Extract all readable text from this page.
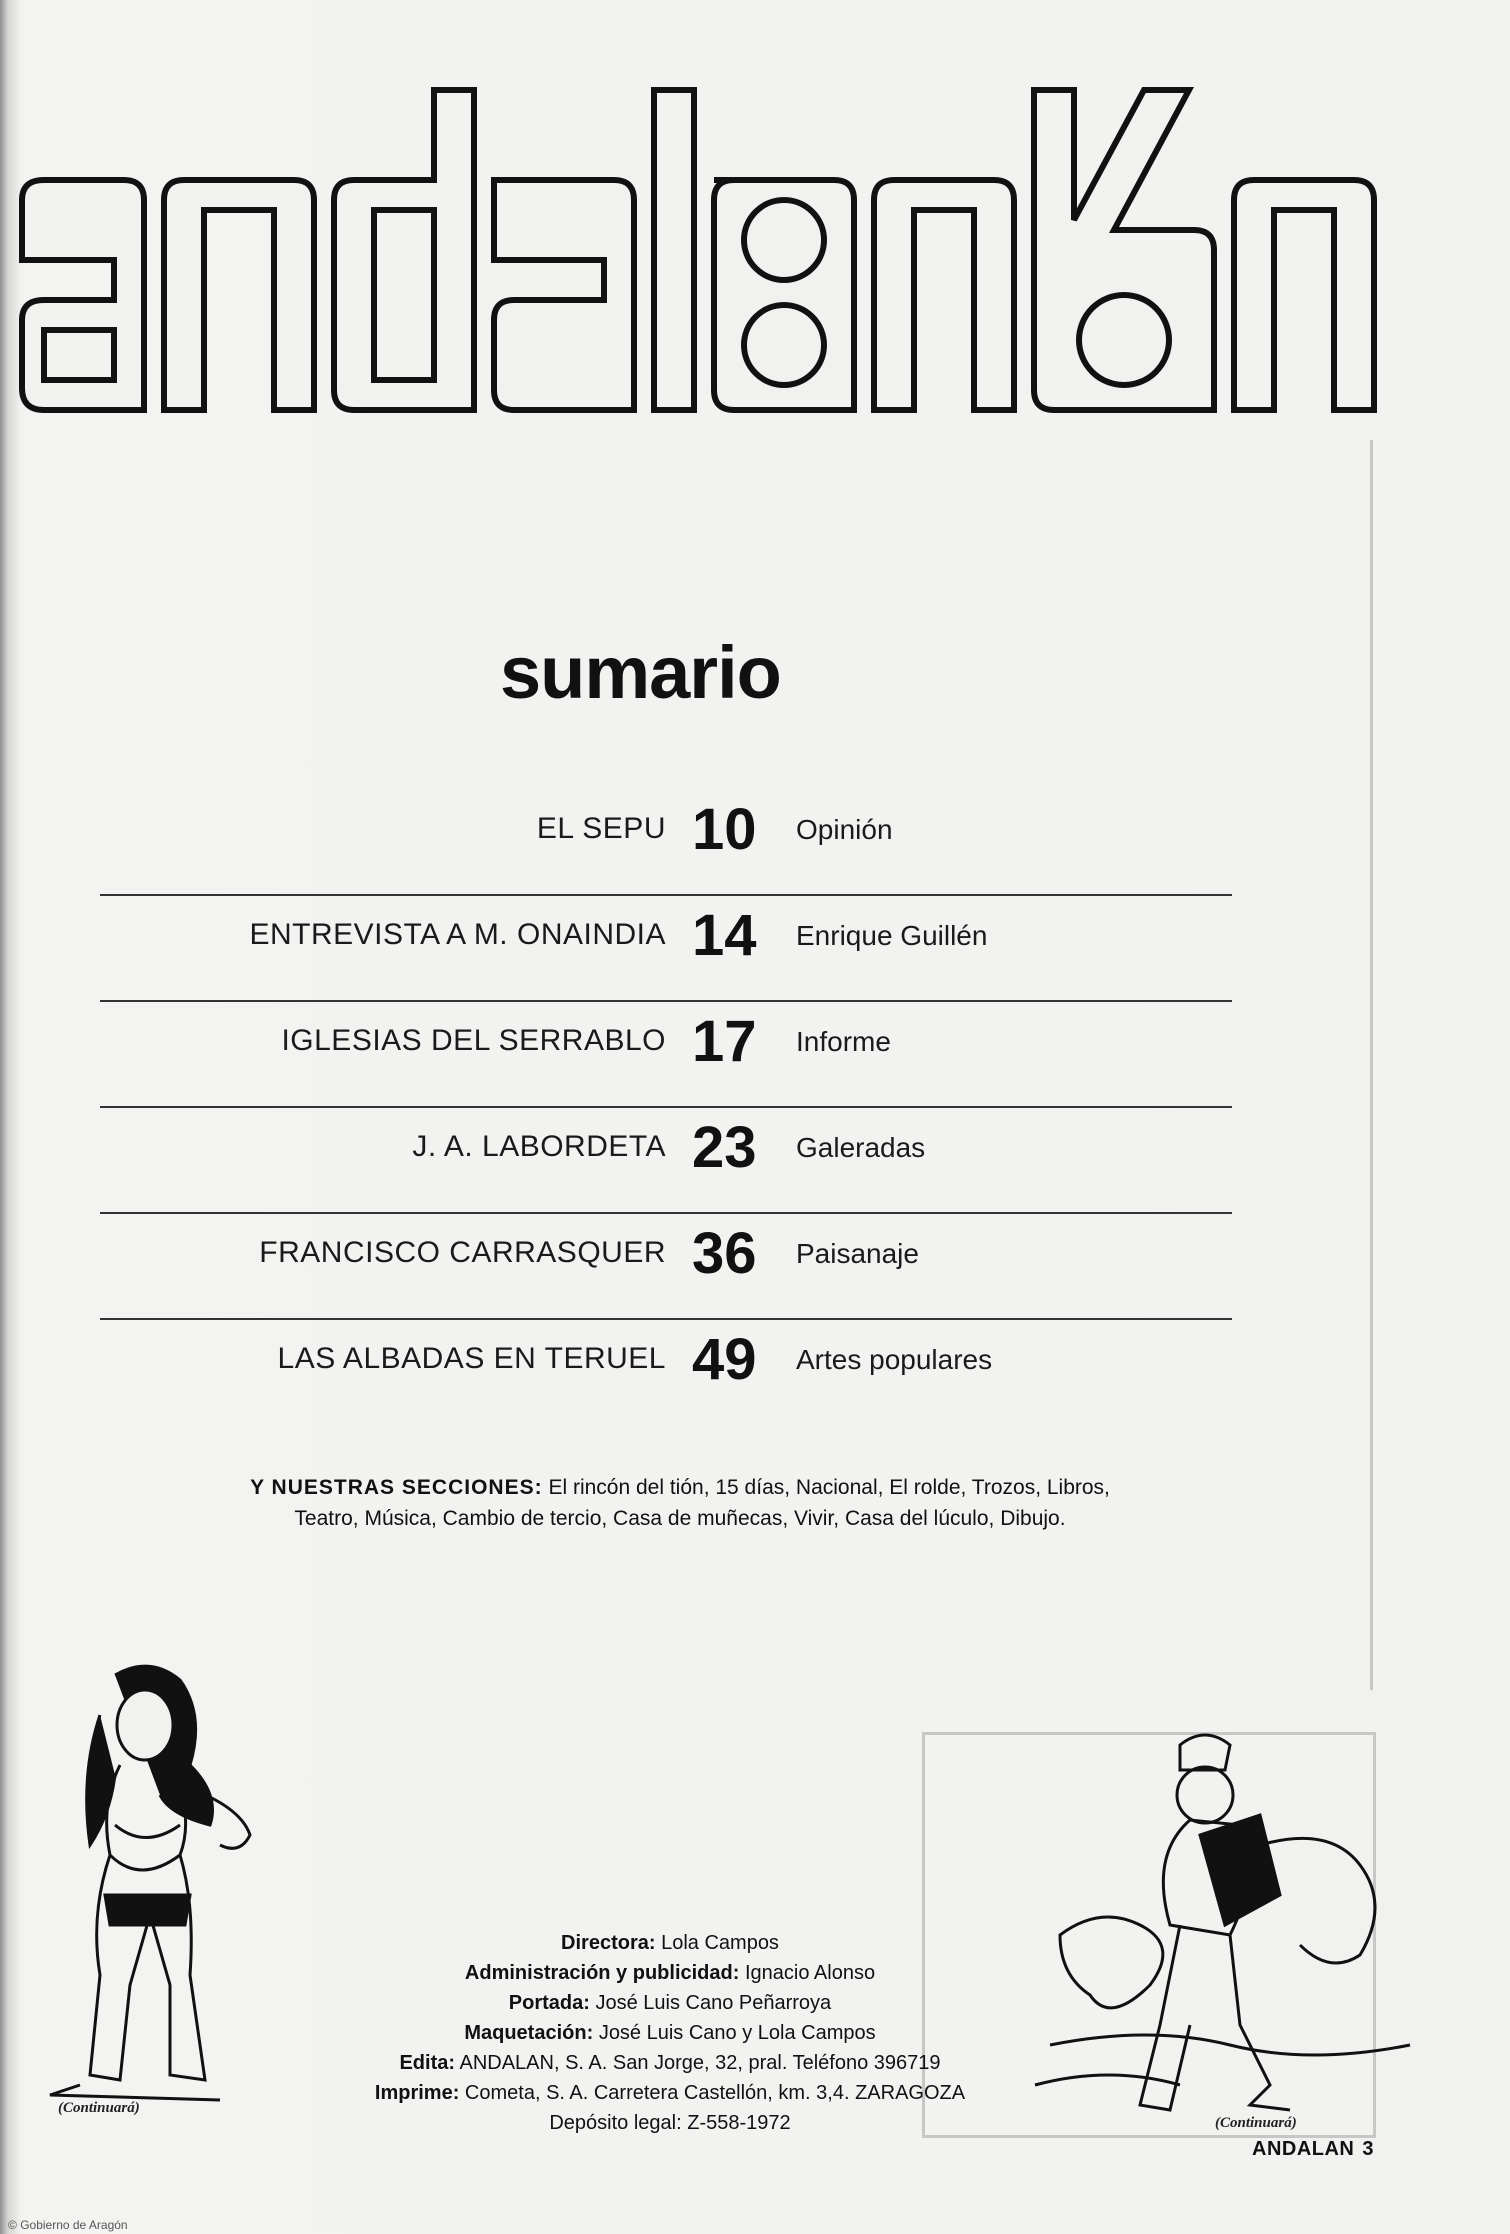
sumario
EL SEPU 10 Opinión
ENTREVISTA A M. ONAINDIA 14 Enrique Guillén
IGLESIAS DEL SERRABLO 17 Informe
J. A. LABORDETA 23 Galeradas
FRANCISCO CARRASQUER 36 Paisanaje
LAS ALBADAS EN TERUEL 49 Artes populares
Y NUESTRAS SECCIONES: El rincón del tión, 15 días, Nacional, El rolde, Trozos, Libros, Teatro, Música, Cambio de tercio, Casa de muñecas, Vivir, Casa del lúculo, Dibujo.
(Continuará)
Directora: Lola Campos
Administración y publicidad: Ignacio Alonso
Portada: José Luis Cano Peñarroya
Maquetación: José Luis Cano y Lola Campos
Edita: ANDALAN, S. A. San Jorge, 32, pral. Teléfono 396719
Imprime: Cometa, S. A. Carretera Castellón, km. 3,4. ZARAGOZA
Depósito legal: Z-558-1972	(Continuará)
ANDALAN 3
© Gobierno de Aragón
